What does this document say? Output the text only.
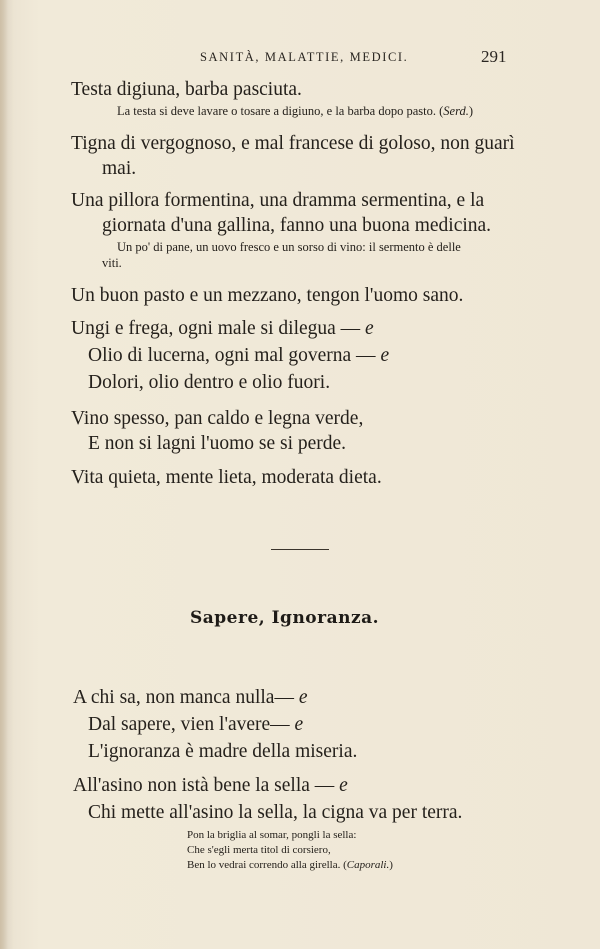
SANITÀ, MALATTIE, MEDICI.	291
Testa digiuna, barba pasciuta.
La testa si deve lavare o tosare a digiuno, e la barba dopo pasto. (Serd.)
Tigna di vergognoso, e mal francese di goloso, non guarì
mai.
Una pillora formentina, una dramma sermentina, e la
giornata d'una gallina, fanno una buona medicina.
Un po' di pane, un uovo fresco e un sorso di vino: il sermento è delle
viti.
Un buon pasto e un mezzano, tengon l'uomo sano.
Ungi e frega, ogni male si dilegua — e
Olio di lucerna, ogni mal governa — e
Dolori, olio dentro e olio fuori.
Vino spesso, pan caldo e legna verde,
E non si lagni l'uomo se si perde.
Vita quieta, mente lieta, moderata dieta.
Sapere, Ignoranza.
A chi sa, non manca nulla— e
Dal sapere, vien l'avere— e
L'ignoranza è madre della miseria.
All'asino non istà bene la sella — e
Chi mette all'asino la sella, la cigna va per terra.
Pon la briglia al somar, pongli la sella:
Che s'egli merta titol di corsiero,
Ben lo vedrai correndo alla girella. (Caporali.)
